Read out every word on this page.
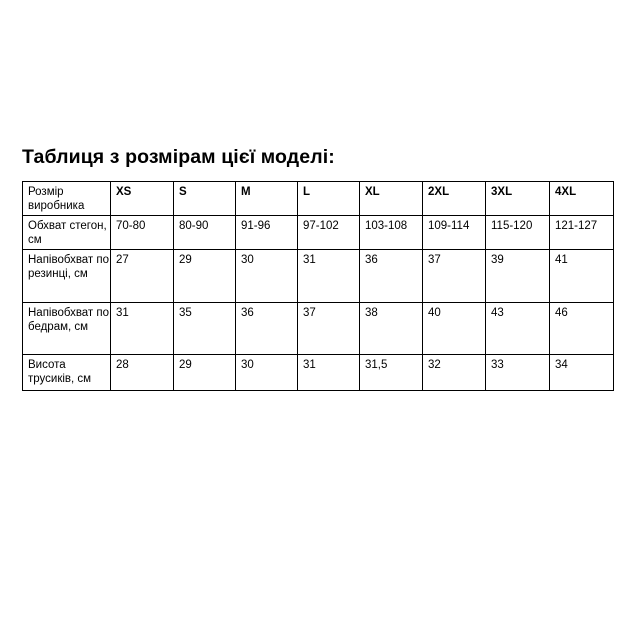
Таблиця з розмірам цієї моделі:
Розмір виробника	XS	S	M	L	XL	2XL	3XL	4XL
Обхват стегон, см	70-80	80-90	91-96	97-102	103-108	109-114	115-120	121-127
Напівобхват по резинці, см	27	29	30	31	36	37	39	41
Напівобхват по бедрам, см	31	35	36	37	38	40	43	46
Висота трусиків, см	28	29	30	31	31,5	32	33	34
